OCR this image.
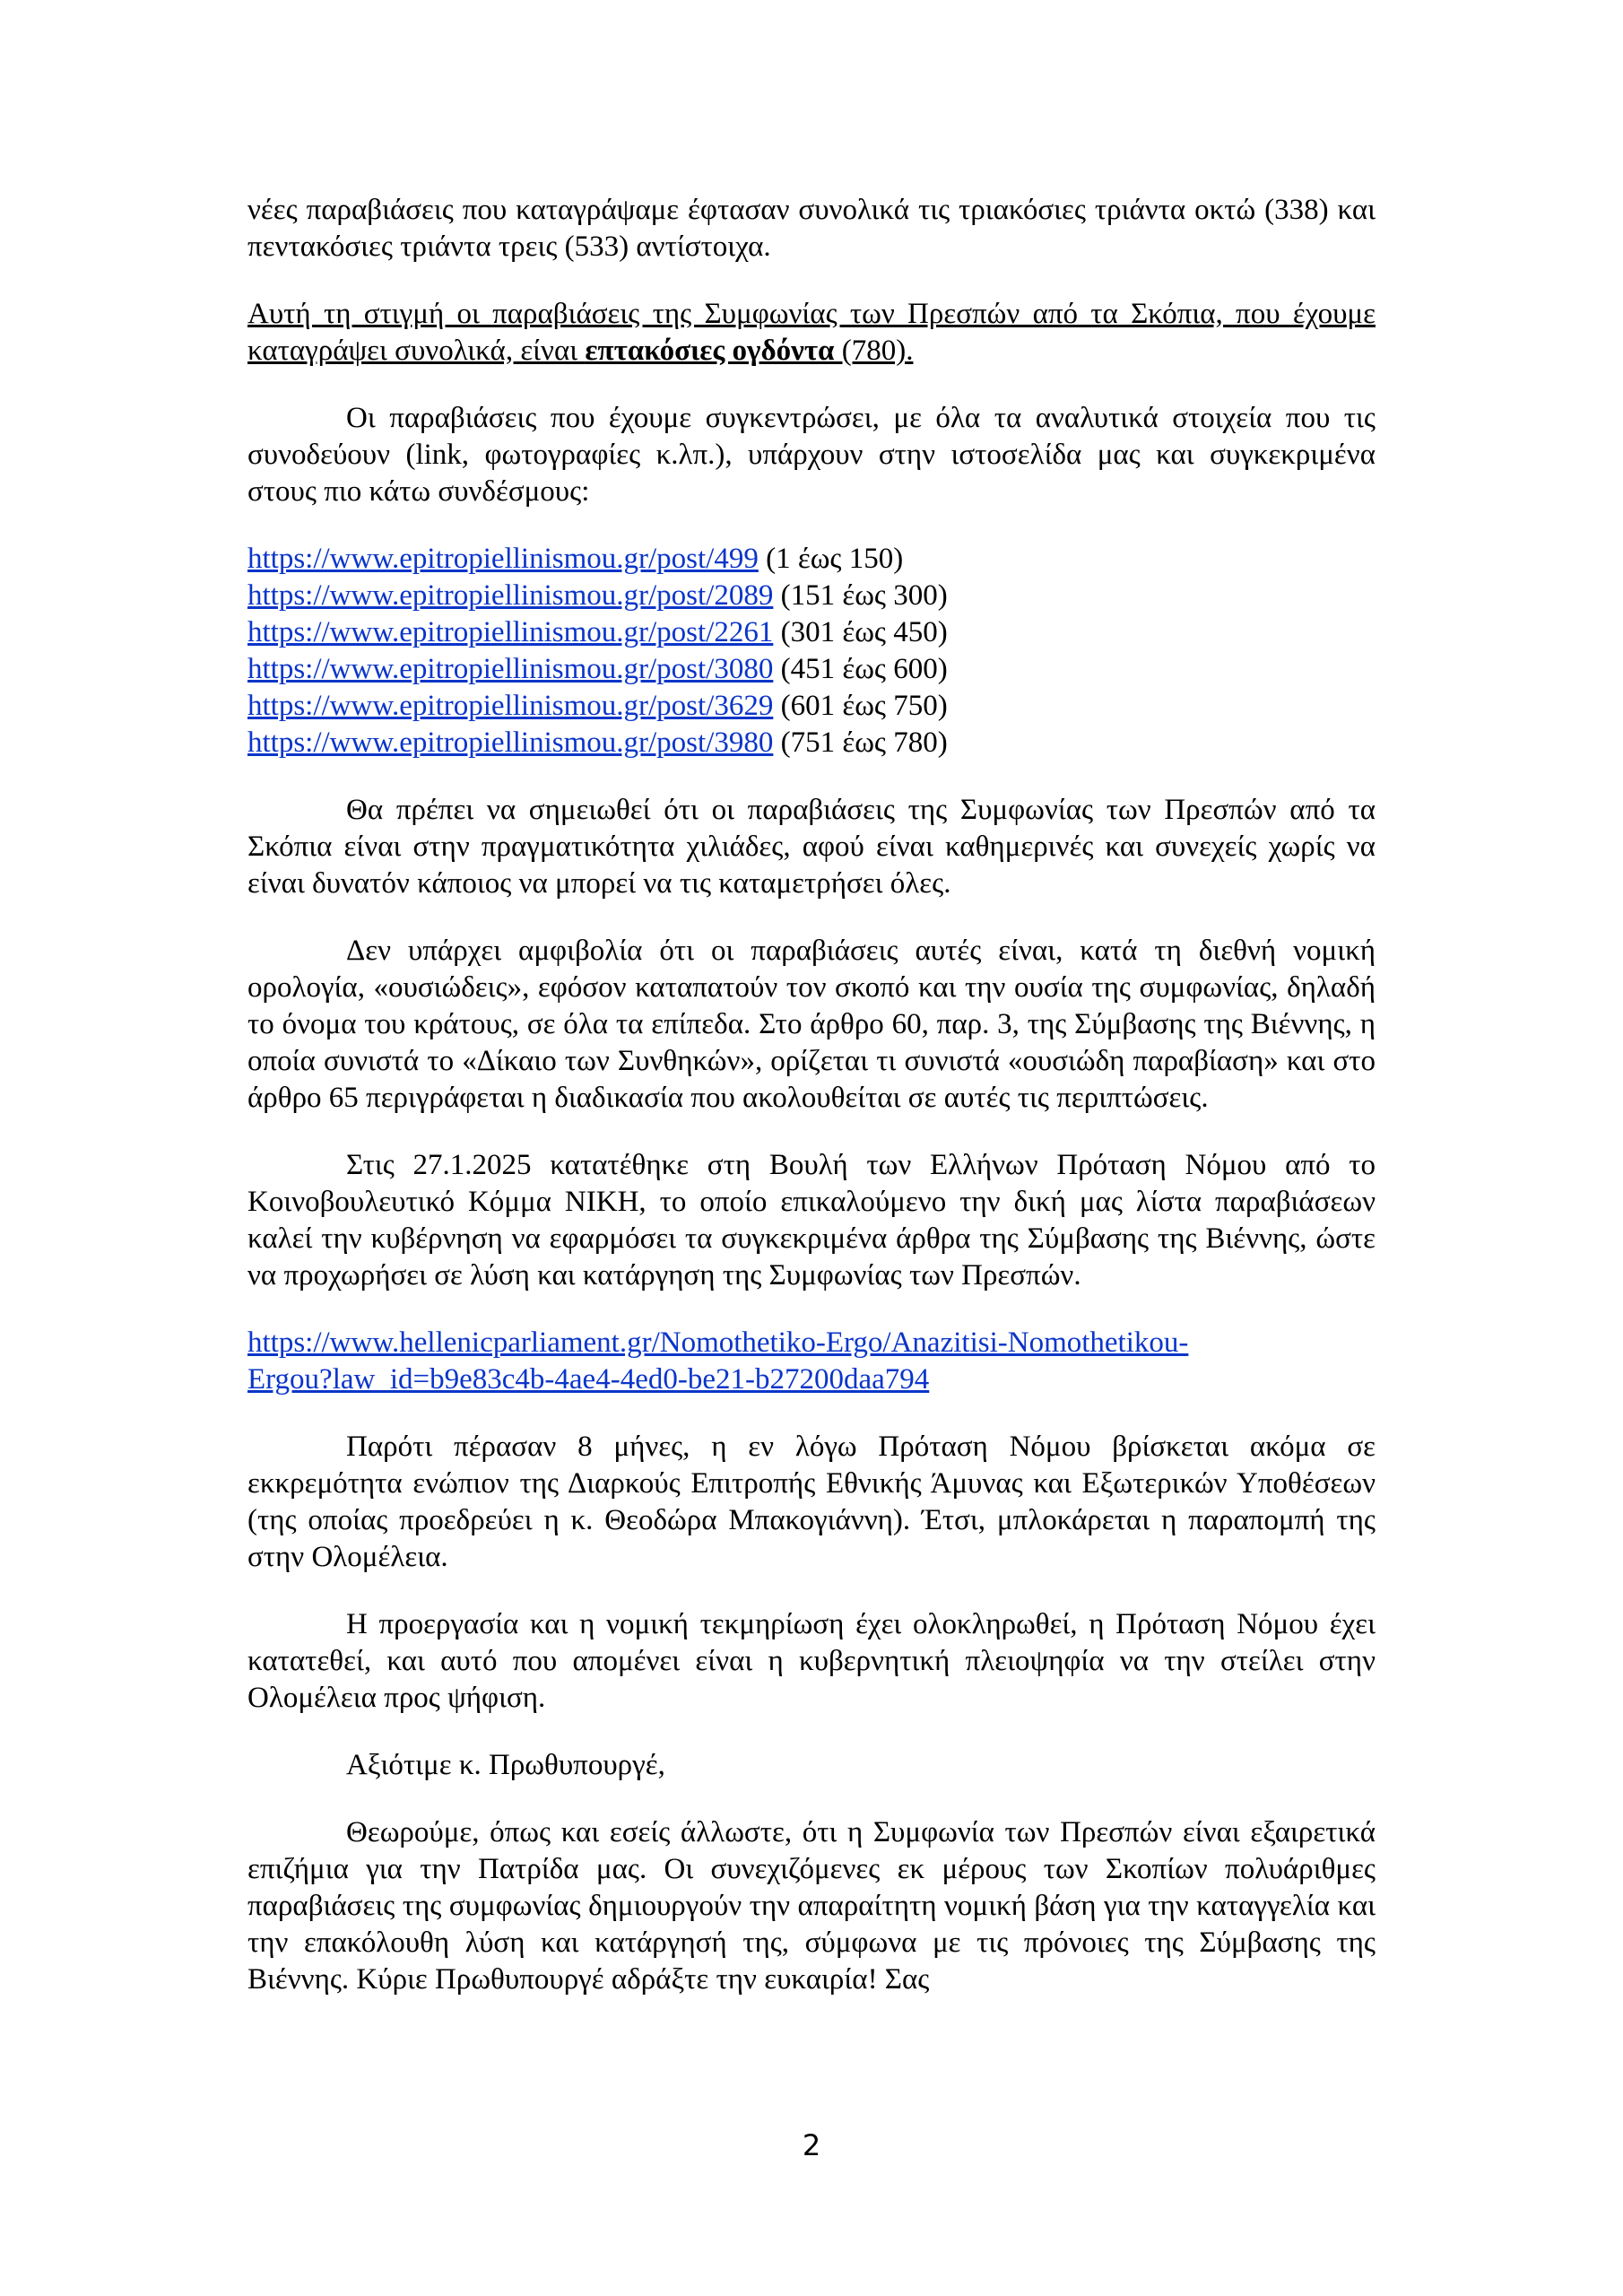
νέες παραβιάσεις που καταγράψαμε έφτασαν συνολικά τις τριακόσιες τριάντα οκτώ (338) και πεντακόσιες τριάντα τρεις (533) αντίστοιχα.

Αυτή τη στιγμή οι παραβιάσεις της Συμφωνίας των Πρεσπών από τα Σκόπια, που έχουμε καταγράψει συνολικά, είναι επτακόσιες ογδόντα (780).

Οι παραβιάσεις που έχουμε συγκεντρώσει, με όλα τα αναλυτικά στοιχεία που τις συνοδεύουν (link, φωτογραφίες κ.λπ.), υπάρχουν στην ιστοσελίδα μας και συγκεκριμένα στους πιο κάτω συνδέσμους:

https://www.epitropiellinismou.gr/post/499 (1 έως 150)
https://www.epitropiellinismou.gr/post/2089 (151 έως 300)
https://www.epitropiellinismou.gr/post/2261 (301 έως 450)
https://www.epitropiellinismou.gr/post/3080 (451 έως 600)
https://www.epitropiellinismou.gr/post/3629 (601 έως 750)
https://www.epitropiellinismou.gr/post/3980 (751 έως 780)

Θα πρέπει να σημειωθεί ότι οι παραβιάσεις της Συμφωνίας των Πρεσπών από τα Σκόπια είναι στην πραγματικότητα χιλιάδες, αφού είναι καθημερινές και συνεχείς χωρίς να είναι δυνατόν κάποιος να μπορεί να τις καταμετρήσει όλες.

Δεν υπάρχει αμφιβολία ότι οι παραβιάσεις αυτές είναι, κατά τη διεθνή νομική ορολογία, «ουσιώδεις», εφόσον καταπατούν τον σκοπό και την ουσία της συμφωνίας, δηλαδή το όνομα του κράτους, σε όλα τα επίπεδα. Στο άρθρο 60, παρ. 3, της Σύμβασης της Βιέννης, η οποία συνιστά το «Δίκαιο των Συνθηκών», ορίζεται τι συνιστά «ουσιώδη παραβίαση» και στο άρθρο 65 περιγράφεται η διαδικασία που ακολουθείται σε αυτές τις περιπτώσεις.

Στις 27.1.2025 κατατέθηκε στη Βουλή των Ελλήνων Πρόταση Νόμου από το Κοινοβουλευτικό Κόμμα ΝΙΚΗ, το οποίο επικαλούμενο την δική μας λίστα παραβιάσεων καλεί την κυβέρνηση να εφαρμόσει τα συγκεκριμένα άρθρα της Σύμβασης της Βιέννης, ώστε να προχωρήσει σε λύση και κατάργηση της Συμφωνίας των Πρεσπών.

https://www.hellenicparliament.gr/Nomothetiko-Ergo/Anazitisi-Nomothetikou-
Ergou?law_id=b9e83c4b-4ae4-4ed0-be21-b27200daa794

Παρότι πέρασαν 8 μήνες, η εν λόγω Πρόταση Νόμου βρίσκεται ακόμα σε εκκρεμότητα ενώπιον της Διαρκούς Επιτροπής Εθνικής Άμυνας και Εξωτερικών Υποθέσεων (της οποίας προεδρεύει η κ. Θεοδώρα Μπακογιάννη). Έτσι, μπλοκάρεται η παραπομπή της στην Ολομέλεια.

Η προεργασία και η νομική τεκμηρίωση έχει ολοκληρωθεί, η Πρόταση Νόμου έχει κατατεθεί, και αυτό που απομένει είναι η κυβερνητική πλειοψηφία να την στείλει στην Ολομέλεια προς ψήφιση.

Αξιότιμε κ. Πρωθυπουργέ,

Θεωρούμε, όπως και εσείς άλλωστε, ότι η Συμφωνία των Πρεσπών είναι εξαιρετικά επιζήμια για την Πατρίδα μας. Οι συνεχιζόμενες εκ μέρους των Σκοπίων πολυάριθμες παραβιάσεις της συμφωνίας δημιουργούν την απαραίτητη νομική βάση για την καταγγελία και την επακόλουθη λύση και κατάργησή της, σύμφωνα με τις πρόνοιες της Σύμβασης της Βιέννης. Κύριε Πρωθυπουργέ αδράξτε την ευκαιρία! Σας

2
